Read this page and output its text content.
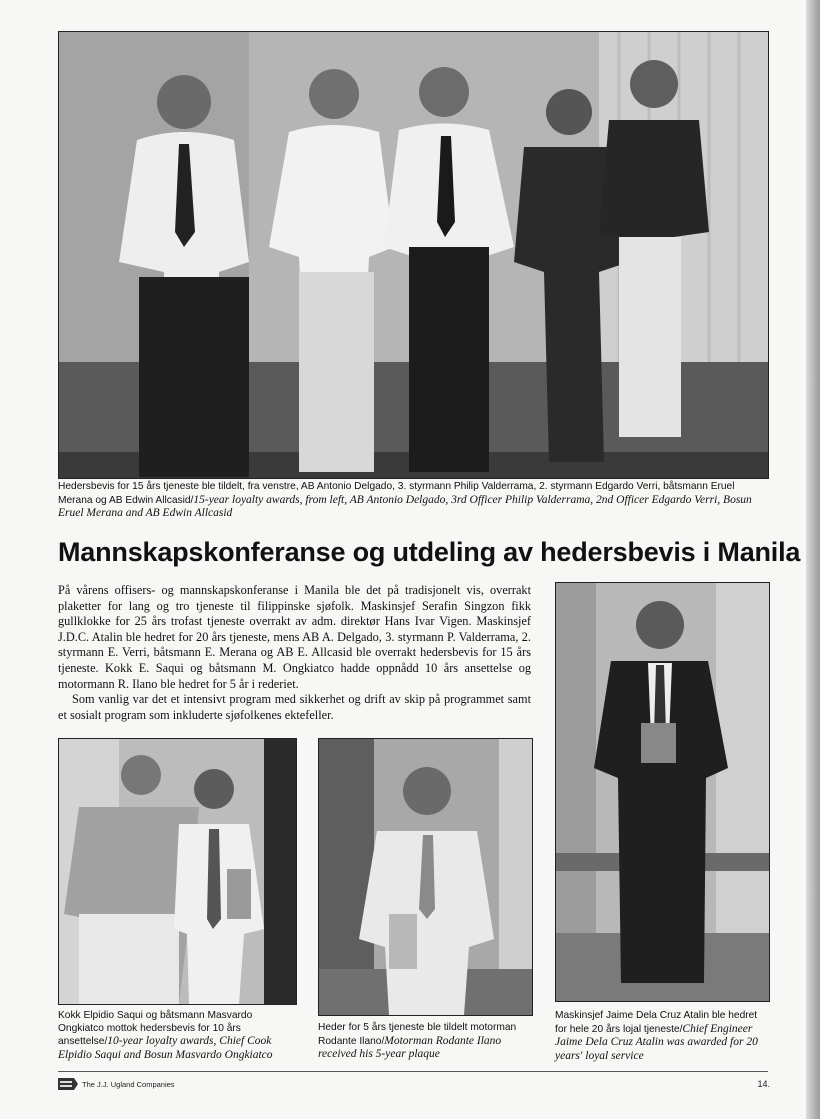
Hedersbevis for 15 års tjeneste ble tildelt, fra venstre, AB Antonio Delgado, 3. styrmann Philip Valderrama, 2. styrmann Edgardo Verri, båtsmann Eruel Merana og AB Edwin Allcasid/15-year loyalty awards, from left, AB Antonio Delgado, 3rd Officer Philip Valderrama, 2nd Officer Edgardo Verri, Bosun Eruel Merana and AB Edwin Allcasid
Mannskapskonferanse og utdeling av hedersbevis i Manila

På vårens offisers- og mannskapskonferanse i Manila ble det på tradisjonelt vis, overrakt plaketter for lang og tro tjeneste til filippinske sjøfolk. Maskinsjef Serafin Singzon fikk gullklokke for 25 års trofast tjeneste overrakt av adm. direktør Hans Ivar Vigen. Maskinsjef J.D.C. Atalin ble hedret for 20 års tjeneste, mens AB A. Delgado, 3. styrmann P. Valderrama, 2. styrmann E. Verri, båtsmann E. Merana og AB E. Allcasid ble overrakt hedersbevis for 15 års tjeneste. Kokk E. Saqui og båtsmann M. Ongkiatco hadde oppnådd 10 års ansettelse og motormann R. Ilano ble hedret for 5 år i rederiet.

Som vanlig var det et intensivt program med sikkerhet og drift av skip på programmet samt et sosialt program som inkluderte sjøfolkenes ektefeller.

Maskinsjef Jaime Dela Cruz Atalin ble hedret for hele 20 års lojal tjeneste/Chief Engineer Jaime Dela Cruz Atalin was awarded for 20 years' loyal service
Kokk Elpidio Saqui og båtsmann Masvardo Ongkiatco mottok hedersbevis for 10 års ansettelse/10-year loyalty awards, Chief Cook Elpidio Saqui and Bosun Masvardo Ongkiatco
Heder for 5 års tjeneste ble tildelt motorman Rodante Ilano/Motorman Rodante Ilano received his 5-year plaque
The J.J. Ugland Companies	14.
